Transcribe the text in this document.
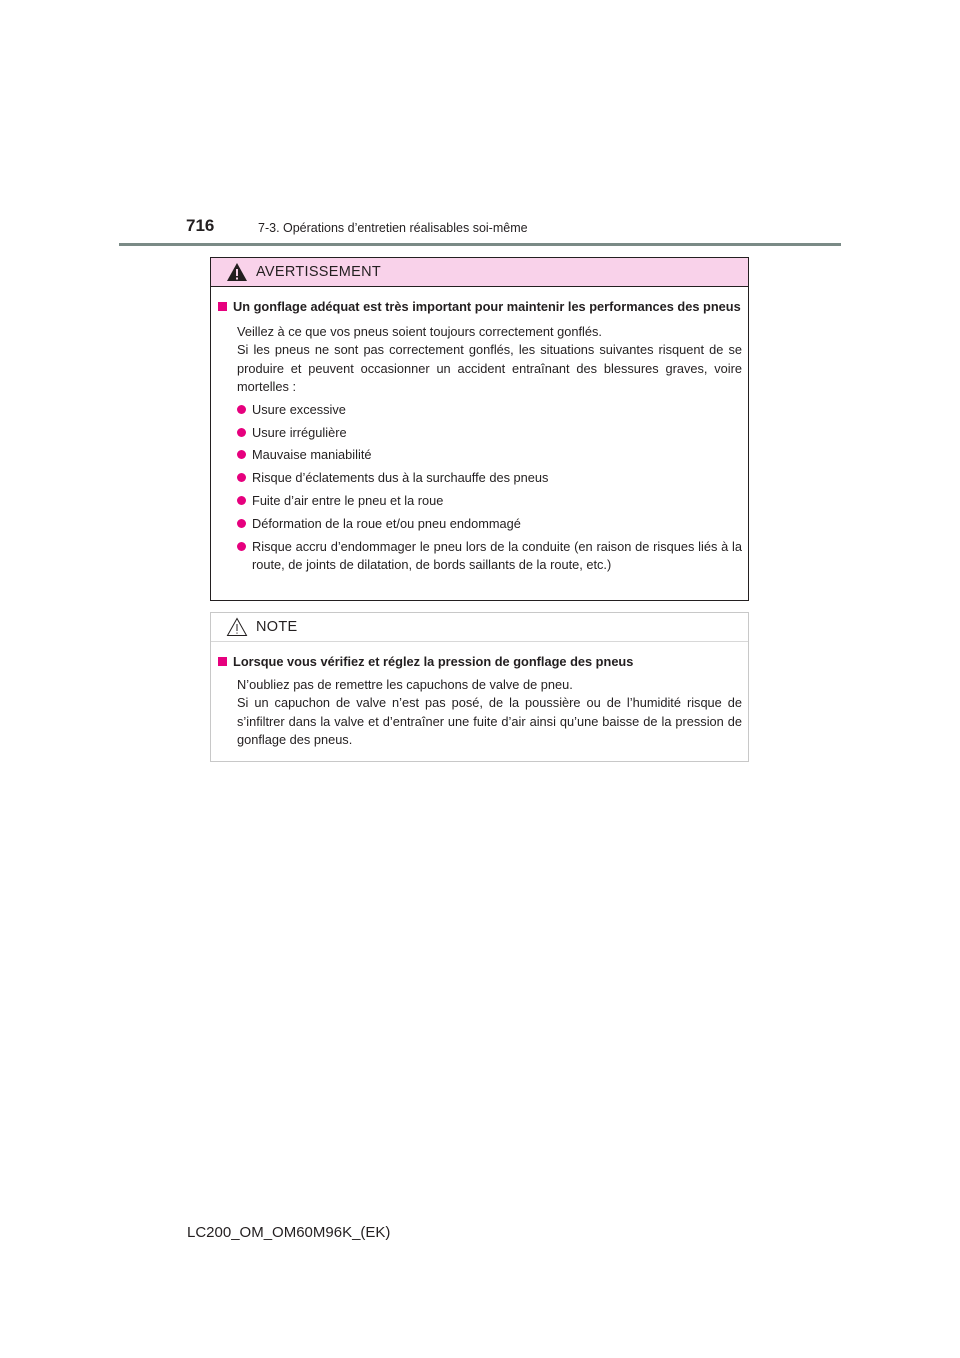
716	7-3. Opérations d’entretien réalisables soi-même
AVERTISSEMENT
Un gonflage adéquat est très important pour maintenir les performances des pneus
Veillez à ce que vos pneus soient toujours correctement gonflés.
Si les pneus ne sont pas correctement gonflés, les situations suivantes risquent de se produire et peuvent occasionner un accident entraînant des blessures graves, voire mortelles :
Usure excessive
Usure irrégulière
Mauvaise maniabilité
Risque d’éclatements dus à la surchauffe des pneus
Fuite d’air entre le pneu et la roue
Déformation de la roue et/ou pneu endommagé
Risque accru d’endommager le pneu lors de la conduite (en raison de risques liés à la route, de joints de dilatation, de bords saillants de la route, etc.)
NOTE
Lorsque vous vérifiez et réglez la pression de gonflage des pneus
N’oubliez pas de remettre les capuchons de valve de pneu.
Si un capuchon de valve n’est pas posé, de la poussière ou de l’humidité risque de s’infiltrer dans la valve et d’entraîner une fuite d’air ainsi qu’une baisse de la pression de gonflage des pneus.
LC200_OM_OM60M96K_(EK)
